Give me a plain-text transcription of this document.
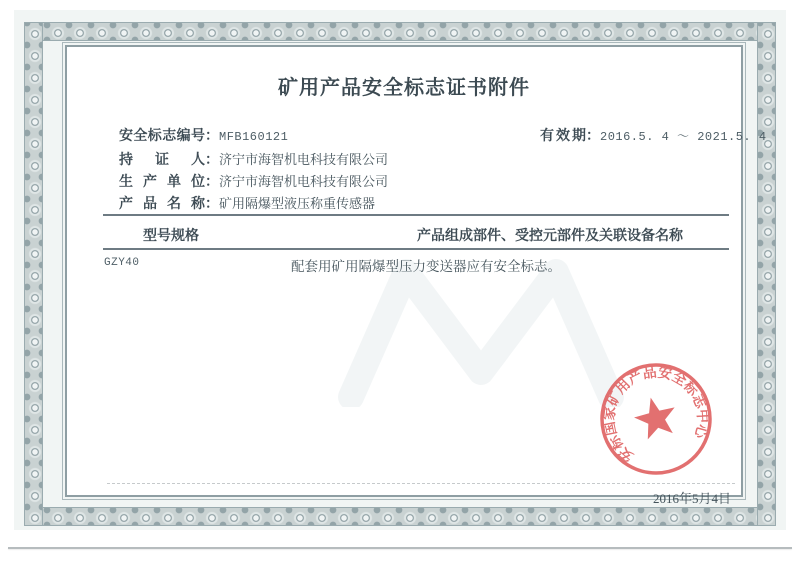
矿用产品安全标志证书附件
安全标志编号：MFB160121	有效期：2016.5. 4 ～ 2021.5. 4
持 证 人：济宁市海智机电科技有限公司
生 产 单 位：济宁市海智机电科技有限公司
产 品 名 称：矿用隔爆型液压称重传感器
型号规格	产品组成部件、受控元部件及关联设备名称
GZY40	配套用矿用隔爆型压力变送器应有安全标志。
2016年5月4日
安标国家矿用产品安全标志中心
